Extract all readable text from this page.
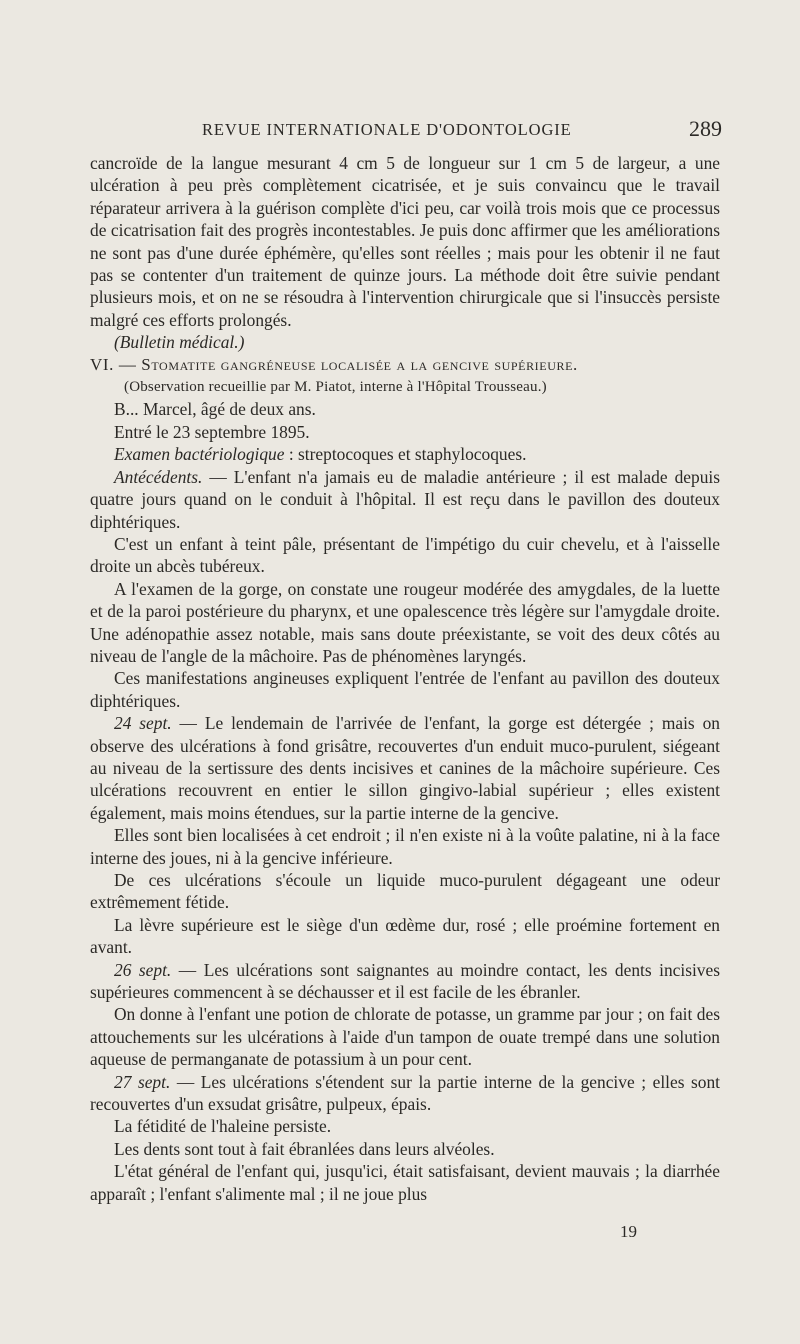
REVUE INTERNATIONALE D'ODONTOLOGIE	289

cancroïde de la langue mesurant 4 cm 5 de longueur sur 1 cm 5 de largeur, a une ulcération à peu près complètement cicatrisée, et je suis convaincu que le travail réparateur arrivera à la guérison complète d'ici peu, car voilà trois mois que ce processus de cicatrisation fait des progrès incontestables. Je puis donc affirmer que les améliorations ne sont pas d'une durée éphémère, qu'elles sont réelles ; mais pour les obtenir il ne faut pas se contenter d'un traitement de quinze jours. La méthode doit être suivie pendant plusieurs mois, et on ne se résoudra à l'intervention chirurgicale que si l'insuccès persiste malgré ces efforts prolongés.

(Bulletin médical.)

VI. — Stomatite gangréneuse localisée a la gencive supérieure.

(Observation recueillie par M. Piatot, interne à l'Hôpital Trousseau.)

B... Marcel, âgé de deux ans.

Entré le 23 septembre 1895.

Examen bactériologique : streptocoques et staphylocoques.

Antécédents. — L'enfant n'a jamais eu de maladie antérieure ; il est malade depuis quatre jours quand on le conduit à l'hôpital. Il est reçu dans le pavillon des douteux diphtériques.

C'est un enfant à teint pâle, présentant de l'impétigo du cuir chevelu, et à l'aisselle droite un abcès tubéreux.

A l'examen de la gorge, on constate une rougeur modérée des amygdales, de la luette et de la paroi postérieure du pharynx, et une opalescence très légère sur l'amygdale droite. Une adénopathie assez notable, mais sans doute préexistante, se voit des deux côtés au niveau de l'angle de la mâchoire. Pas de phénomènes laryngés.

Ces manifestations angineuses expliquent l'entrée de l'enfant au pavillon des douteux diphtériques.

24 sept. — Le lendemain de l'arrivée de l'enfant, la gorge est détergée ; mais on observe des ulcérations à fond grisâtre, recouvertes d'un enduit muco-purulent, siégeant au niveau de la sertissure des dents incisives et canines de la mâchoire supérieure. Ces ulcérations recouvrent en entier le sillon gingivo-labial supérieur ; elles existent également, mais moins étendues, sur la partie interne de la gencive.

Elles sont bien localisées à cet endroit ; il n'en existe ni à la voûte palatine, ni à la face interne des joues, ni à la gencive inférieure.

De ces ulcérations s'écoule un liquide muco-purulent dégageant une odeur extrêmement fétide.

La lèvre supérieure est le siège d'un œdème dur, rosé ; elle proémine fortement en avant.

26 sept. — Les ulcérations sont saignantes au moindre contact, les dents incisives supérieures commencent à se déchausser et il est facile de les ébranler.

On donne à l'enfant une potion de chlorate de potasse, un gramme par jour ; on fait des attouchements sur les ulcérations à l'aide d'un tampon de ouate trempé dans une solution aqueuse de permanganate de potassium à un pour cent.

27 sept. — Les ulcérations s'étendent sur la partie interne de la gencive ; elles sont recouvertes d'un exsudat grisâtre, pulpeux, épais.

La fétidité de l'haleine persiste.

Les dents sont tout à fait ébranlées dans leurs alvéoles.

L'état général de l'enfant qui, jusqu'ici, était satisfaisant, devient mauvais ; la diarrhée apparaît ; l'enfant s'alimente mal ; il ne joue plus

19
